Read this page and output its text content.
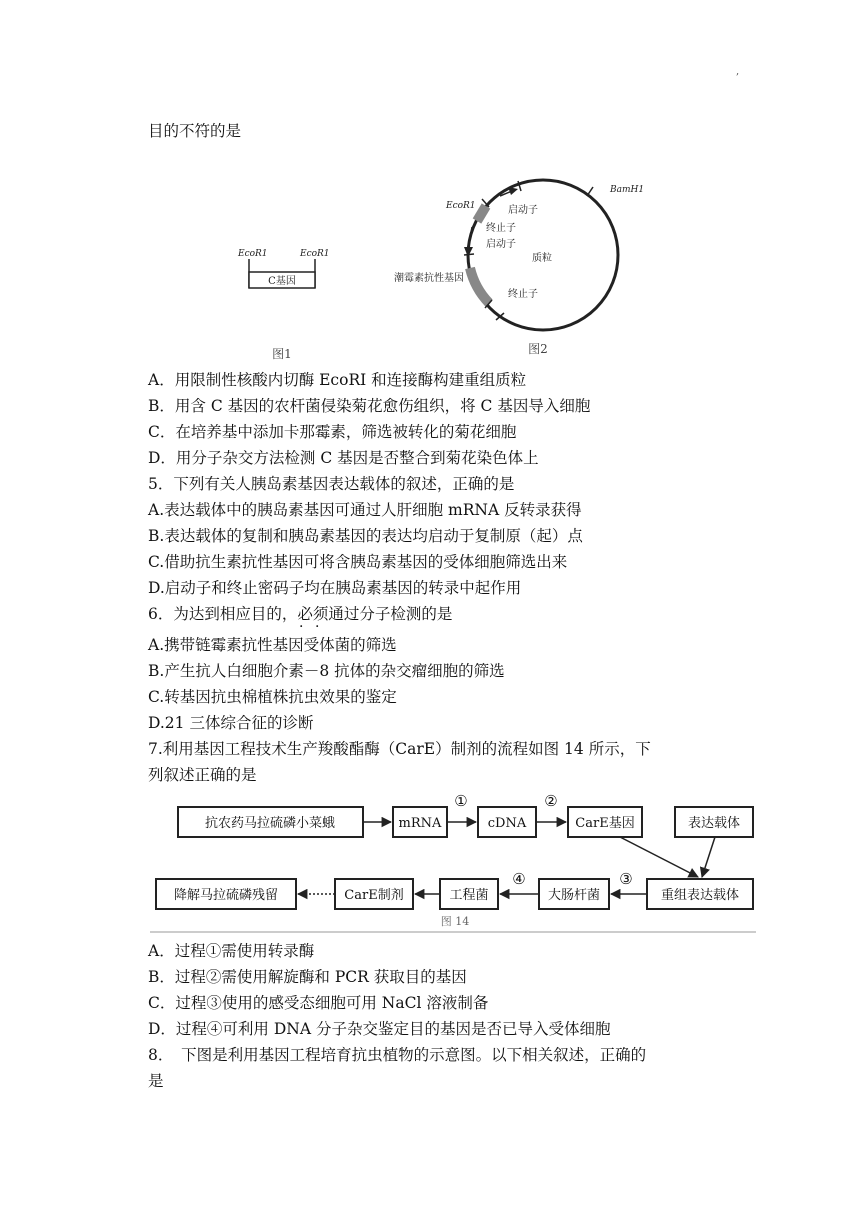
,
目的不符的是
EcoR1	EcoR1
C基因
图1
EcoR1
BamH1
启动子
终止子
启动子
质粒
潮霉素抗性基因
终止子
图2
A．用限制性核酸内切酶 EcoRI 和连接酶构建重组质粒
B．用含 C 基因的农杆菌侵染菊花愈伤组织，将 C 基因导入细胞
C．在培养基中添加卡那霉素，筛选被转化的菊花细胞
D．用分子杂交方法检测 C 基因是否整合到菊花染色体上
5．下列有关人胰岛素基因表达载体的叙述，正确的是
A.表达载体中的胰岛素基因可通过人肝细胞 mRNA 反转录获得
B.表达载体的复制和胰岛素基因的表达均启动于复制原（起）点
C.借助抗生素抗性基因可将含胰岛素基因的受体细胞筛选出来
D.启动子和终止密码子均在胰岛素基因的转录中起作用
6．为达到相应目的，必须通过分子检测的是
· ·
A.携带链霉素抗性基因受体菌的筛选
B.产生抗人白细胞介素－8 抗体的杂交瘤细胞的筛选
C.转基因抗虫棉植株抗虫效果的鉴定
D.21 三体综合征的诊断
7.利用基因工程技术生产羧酸酯酶（CarE）制剂的流程如图 14 所示，下
列叙述正确的是
抗农药马拉硫磷小菜蛾	mRNA	cDNA	CarE基因	表达载体
重组表达载体
大肠杆菌
工程菌
CarE制剂
降解马拉硫磷残留
①	②
③
④
图 14
A．过程①需使用转录酶
B．过程②需使用解旋酶和 PCR 获取目的基因
C．过程③使用的感受态细胞可用 NaCl 溶液制备
D．过程④可利用 DNA 分子杂交鉴定目的基因是否已导入受体细胞
8．　下图是利用基因工程培育抗虫植物的示意图。以下相关叙述，正确的
是
